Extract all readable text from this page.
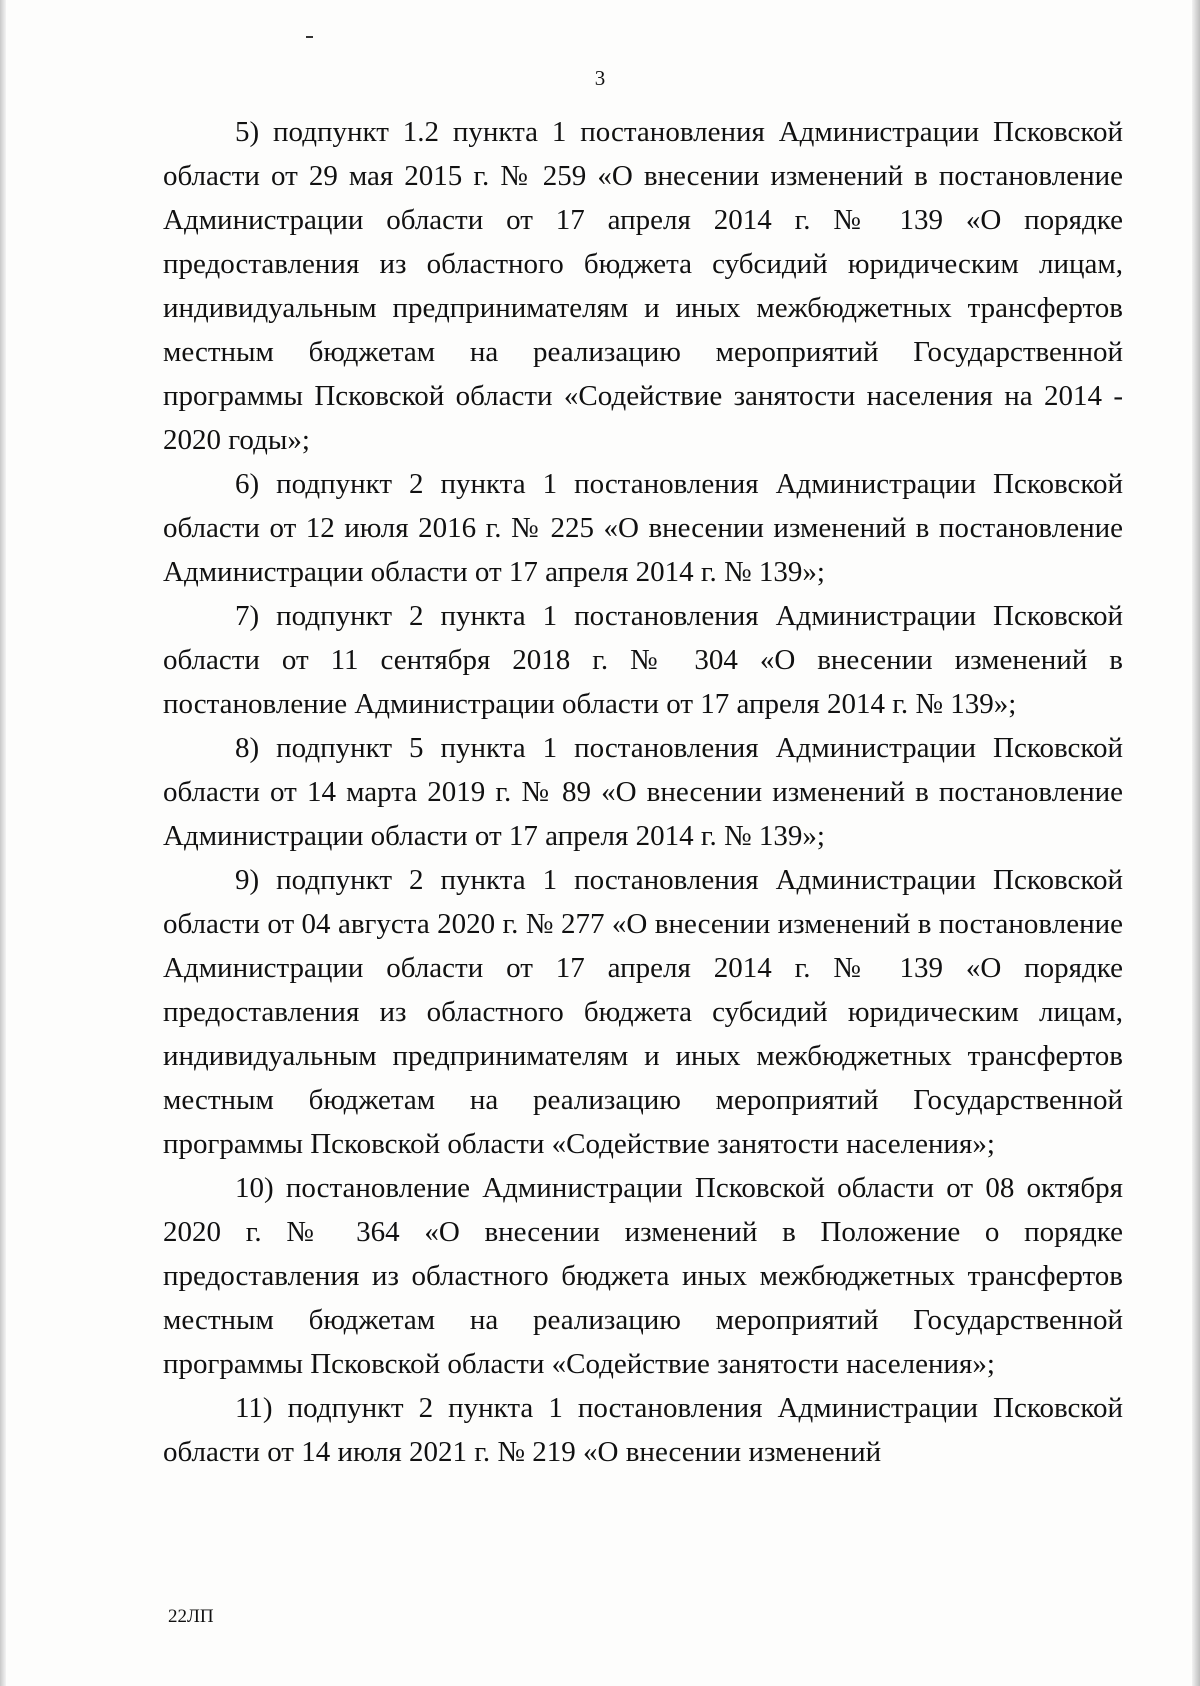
3

5) подпункт 1.2 пункта 1 постановления Администрации Псковской области от 29 мая 2015 г. № 259 «О внесении изменений в постановление Администрации области от 17 апреля 2014 г. № 139 «О порядке предоставления из областного бюджета субсидий юридическим лицам, индивидуальным предпринимателям и иных межбюджетных трансфертов местным бюджетам на реализацию мероприятий Государственной программы Псковской области «Содействие занятости населения на 2014 - 2020 годы»;

6) подпункт 2 пункта 1 постановления Администрации Псковской области от 12 июля 2016 г. № 225 «О внесении изменений в постановление Администрации области от 17 апреля 2014 г. № 139»;

7) подпункт 2 пункта 1 постановления Администрации Псковской области от 11 сентября 2018 г. № 304 «О внесении изменений в постановление Администрации области от 17 апреля 2014 г. № 139»;

8) подпункт 5 пункта 1 постановления Администрации Псковской области от 14 марта 2019 г. № 89 «О внесении изменений в постановление Администрации области от 17 апреля 2014 г. № 139»;

9) подпункт 2 пункта 1 постановления Администрации Псковской области от 04 августа 2020 г. № 277 «О внесении изменений в постановление Администрации области от 17 апреля 2014 г. № 139 «О порядке предоставления из областного бюджета субсидий юридическим лицам, индивидуальным предпринимателям и иных межбюджетных трансфертов местным бюджетам на реализацию мероприятий Государственной программы Псковской области «Содействие занятости населения»;

10) постановление Администрации Псковской области от 08 октября 2020 г. № 364 «О внесении изменений в Положение о порядке предоставления из областного бюджета иных межбюджетных трансфертов местным бюджетам на реализацию мероприятий Государственной программы Псковской области «Содействие занятости населения»;

11) подпункт 2 пункта 1 постановления Администрации Псковской области от 14 июля 2021 г. № 219 «О внесении изменений

22ЛП
